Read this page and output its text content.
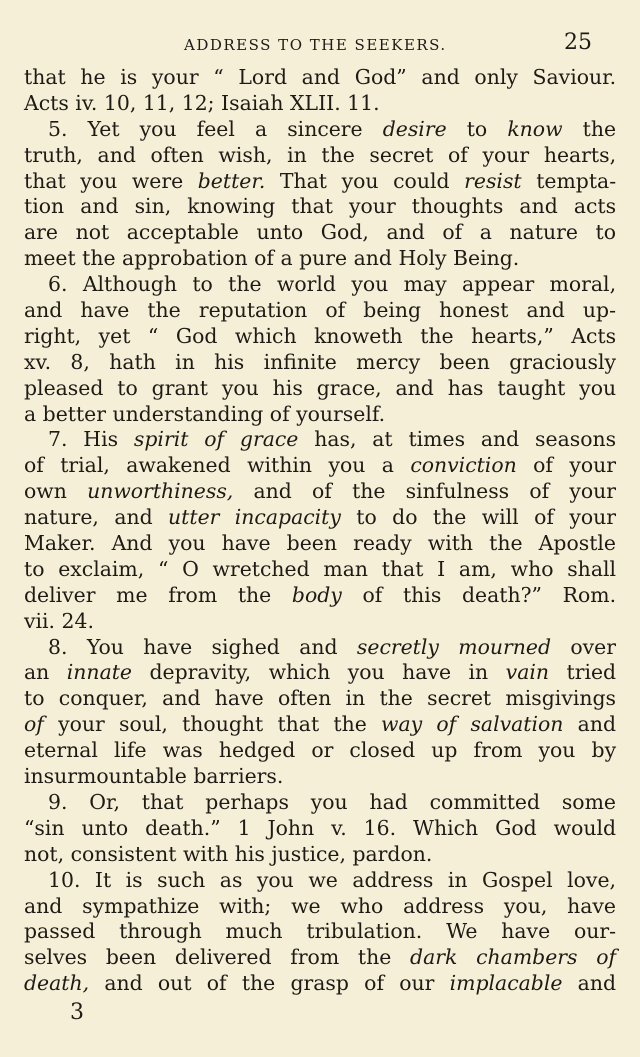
ADDRESS TO THE SEEKERS.	25
that he is your “ Lord and God” and only Saviour.
Acts iv. 10, 11, 12; Isaiah XLII. 11.
5. Yet you feel a sincere desire to know the
truth, and often wish, in the secret of your hearts,
that you were better. That you could resist tempta-
tion and sin, knowing that your thoughts and acts
are not acceptable unto God, and of a nature to
meet the approbation of a pure and Holy Being.
6. Although to the world you may appear moral,
and have the reputation of being honest and up-
right, yet “ God which knoweth the hearts,” Acts
xv. 8, hath in his infinite mercy been graciously
pleased to grant you his grace, and has taught you
a better understanding of yourself.
7. His spirit of grace has, at times and seasons
of trial, awakened within you a conviction of your
own unworthiness, and of the sinfulness of your
nature, and utter incapacity to do the will of your
Maker. And you have been ready with the Apostle
to exclaim, “ O wretched man that I am, who shall
deliver me from the body of this death?” Rom.
vii. 24.
8. You have sighed and secretly mourned over
an innate depravity, which you have in vain tried
to conquer, and have often in the secret misgivings
of your soul, thought that the way of salvation and
eternal life was hedged or closed up from you by
insurmountable barriers.
9. Or, that perhaps you had committed some
“sin unto death.” 1 John v. 16. Which God would
not, consistent with his justice, pardon.
10. It is such as you we address in Gospel love,
and sympathize with; we who address you, have
passed through much tribulation. We have our-
selves been delivered from the dark chambers of
death, and out of the grasp of our implacable and
3
